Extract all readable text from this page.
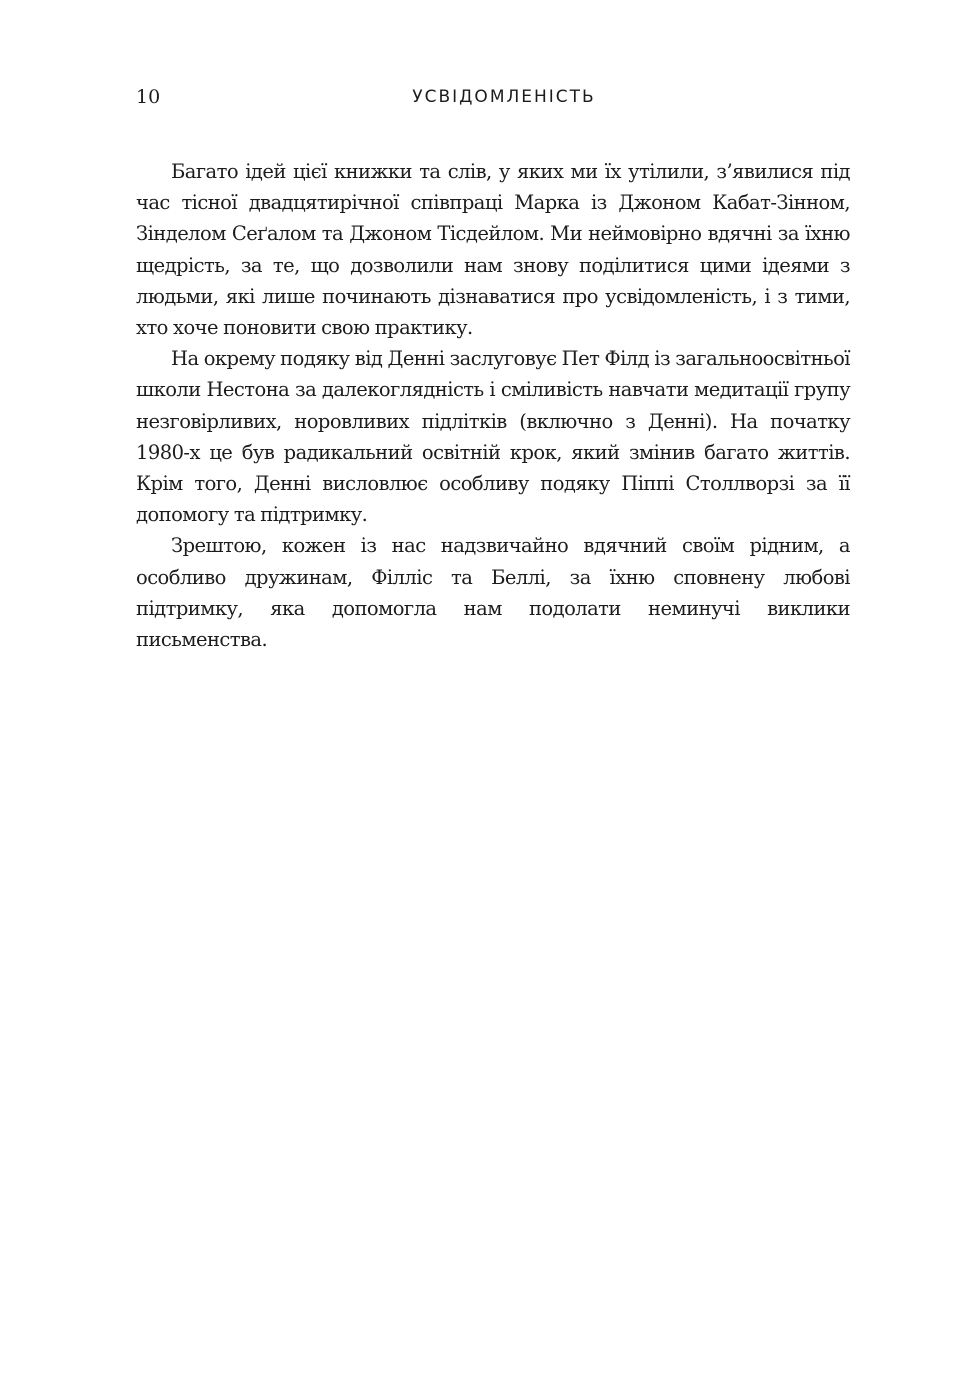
10	УСВІДОМЛЕНІСТЬ

Багато ідей цієї книжки та слів, у яких ми їх утілили, з’явилися під час тісної двадцятирічної співпраці Марка із Джоном Кабат-Зінном, Зінделом Сеґалом та Джоном Тісдейлом. Ми неймовірно вдячні за їхню щедрість, за те, що дозволили нам знову поділитися цими ідеями з людьми, які лише починають дізнаватися про усвідомленість, і з тими, хто хоче поновити свою практику.

На окрему подяку від Денні заслуговує Пет Філд із загальноосвітньої школи Нестона за далекоглядність і сміливість навчати медитації групу незговірливих, норовливих підлітків (включно з Денні). На початку 1980-х це був радикальний освітній крок, який змінив багато життів. Крім того, Денні висловлює особливу подяку Піппі Столлворзі за її допомогу та підтримку.

Зрештою, кожен із нас надзвичайно вдячний своїм рідним, а особливо дружинам, Філліс та Беллі, за їхню сповнену любові підтримку, яка допомогла нам подолати неминучі виклики письменства.
